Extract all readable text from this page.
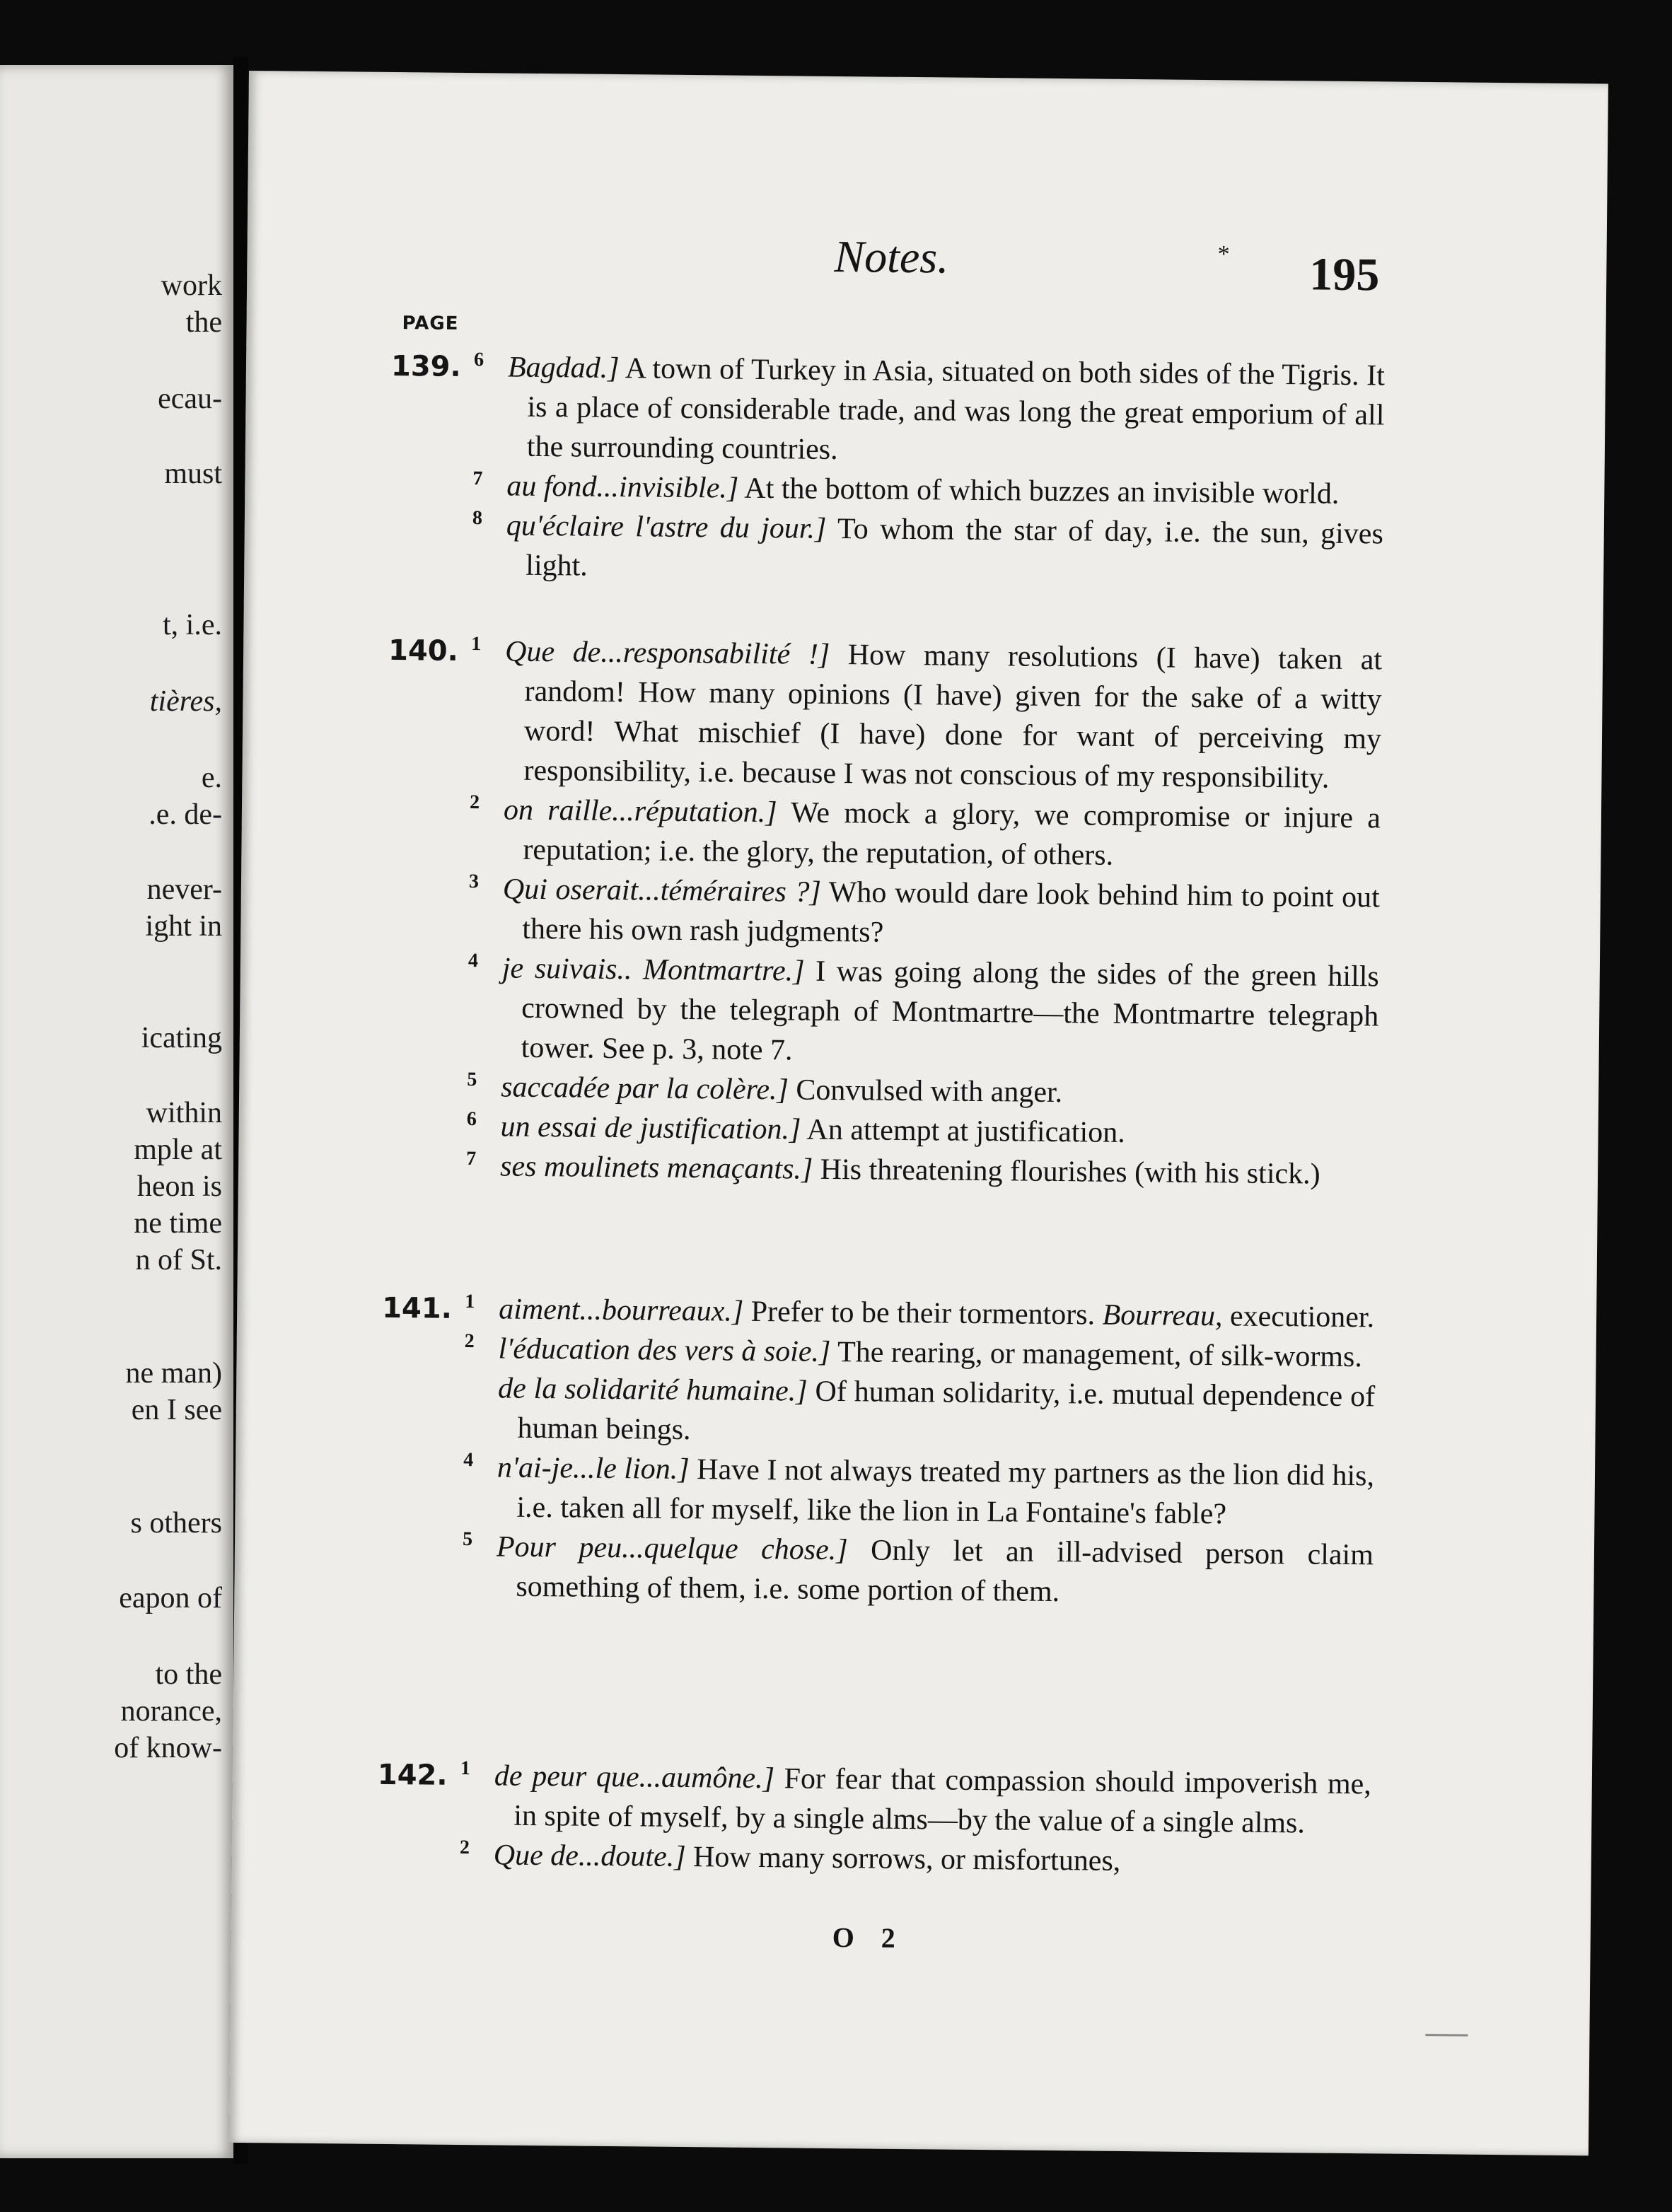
work
the
ecau-
must
t, i.e.
tières,
e.
.e. de-
never-
ight in
icating
within
mple at
heon is
ne time
n of St.
ne man)
en I see
s others
eapon of
to the
norance,
of know-
Notes.	* 195
PAGE
139. 6 Bagdad.] A town of Turkey in Asia, situated on both sides of the Tigris. It is a place of considerable trade, and was long the great emporium of all the surrounding countries.
7 au fond...invisible.] At the bottom of which buzzes an invisible world.
8 qu'éclaire l'astre du jour.] To whom the star of day, i.e. the sun, gives light.
140. 1 Que de...responsabilité !] How many resolutions (I have) taken at random! How many opinions (I have) given for the sake of a witty word! What mischief (I have) done for want of perceiving my responsibility, i.e. because I was not conscious of my responsibility.
2 on raille...réputation.] We mock a glory, we compromise or injure a reputation; i.e. the glory, the reputation, of others.
3 Qui oserait...téméraires ?] Who would dare look behind him to point out there his own rash judgments?
4 je suivais.. Montmartre.] I was going along the sides of the green hills crowned by the telegraph of Montmartre—the Montmartre telegraph tower. See p. 3, note 7.
5 saccadée par la colère.] Convulsed with anger.
6 un essai de justification.] An attempt at justification.
7 ses moulinets menaçants.] His threatening flourishes (with his stick.)
141. 1 aiment...bourreaux.] Prefer to be their tormentors. Bourreau, executioner.
2 l'éducation des vers à soie.] The rearing, or management, of silk-worms.
de la solidarité humaine.] Of human solidarity, i.e. mutual dependence of human beings.
4 n'ai-je...le lion.] Have I not always treated my partners as the lion did his, i.e. taken all for myself, like the lion in La Fontaine's fable?
5 Pour peu...quelque chose.] Only let an ill-advised person claim something of them, i.e. some portion of them.
142. 1 de peur que...aumône.] For fear that compassion should impoverish me, in spite of myself, by a single alms—by the value of a single alms.
2 Que de...doute.] How many sorrows, or misfortunes,
O 2
